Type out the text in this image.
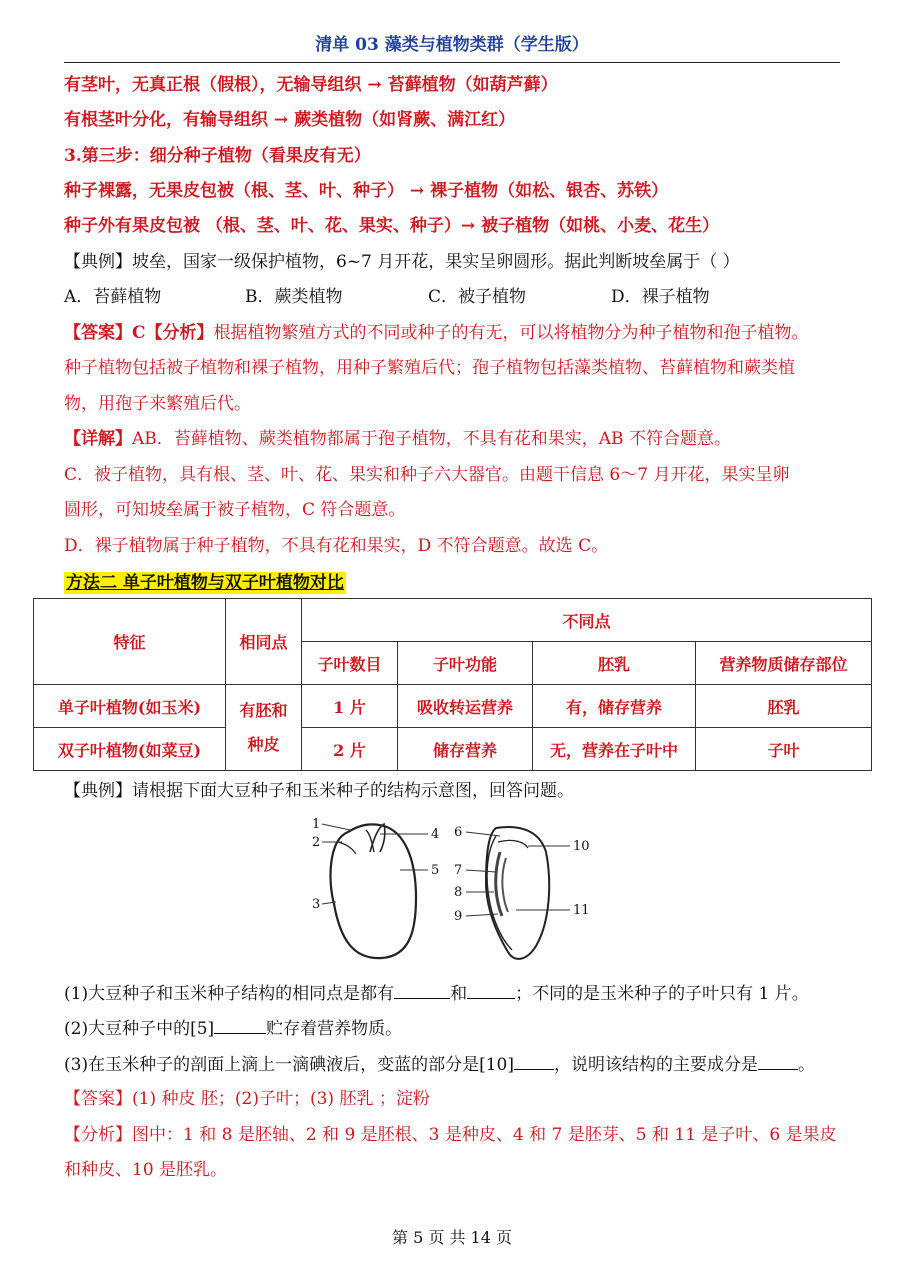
清单 03 藻类与植物类群（学生版）
有茎叶，无真正根（假根），无输导组织 → 苔藓植物（如葫芦藓）
有根茎叶分化，有输导组织 → 蕨类植物（如肾蕨、满江红）
3.第三步：细分种子植物（看果皮有无）
种子裸露，无果皮包被（根、茎、叶、种子） → 裸子植物（如松、银杏、苏铁）
种子外有果皮包被 （根、茎、叶、花、果实、种子）→ 被子植物（如桃、小麦、花生）
【典例】坡垒，国家一级保护植物，6~7 月开花，果实呈卵圆形。据此判断坡垒属于（ ）
A．苔藓植物	B．蕨类植物	C．被子植物	D．裸子植物
【答案】C【分析】根据植物繁殖方式的不同或种子的有无，可以将植物分为种子植物和孢子植物。
种子植物包括被子植物和裸子植物，用种子繁殖后代；孢子植物包括藻类植物、苔藓植物和蕨类植
物，用孢子来繁殖后代。
【详解】AB．苔藓植物、蕨类植物都属于孢子植物，不具有花和果实，AB 不符合题意。
C．被子植物，具有根、茎、叶、花、果实和种子六大器官。由题干信息 6～7 月开花，果实呈卵
圆形，可知坡垒属于被子植物，C 符合题意。
D．裸子植物属于种子植物，不具有花和果实，D 不符合题意。故选 C。
方法二 单子叶植物与双子叶植物对比
特征	相同点	不同点			
		子叶数目	子叶功能	胚乳	营养物质储存部位
单子叶植物(如玉米)	有胚和种皮	1 片	吸收转运营养	有，储存营养	胚乳
双子叶植物(如菜豆)		2 片	储存营养	无，营养在子叶中	子叶
【典例】请根据下面大豆种子和玉米种子的结构示意图，回答问题。
1
2
3
4
5
6
7
8
9
10
11
(1)大豆种子和玉米种子结构的相同点是都有	和	；不同的是玉米种子的子叶只有 1 片。
(2)大豆种子中的[5]	贮存着营养物质。
(3)在玉米种子的剖面上滴上一滴碘液后，变蓝的部分是[10] ，说明该结构的主要成分是 。
【答案】(1) 种皮 胚；(2)子叶；(3) 胚乳 ；淀粉
【分析】图中：1 和 8 是胚轴、2 和 9 是胚根、3 是种皮、4 和 7 是胚芽、5 和 11 是子叶、6 是果皮
和种皮、10 是胚乳。
第 5 页 共 14 页
